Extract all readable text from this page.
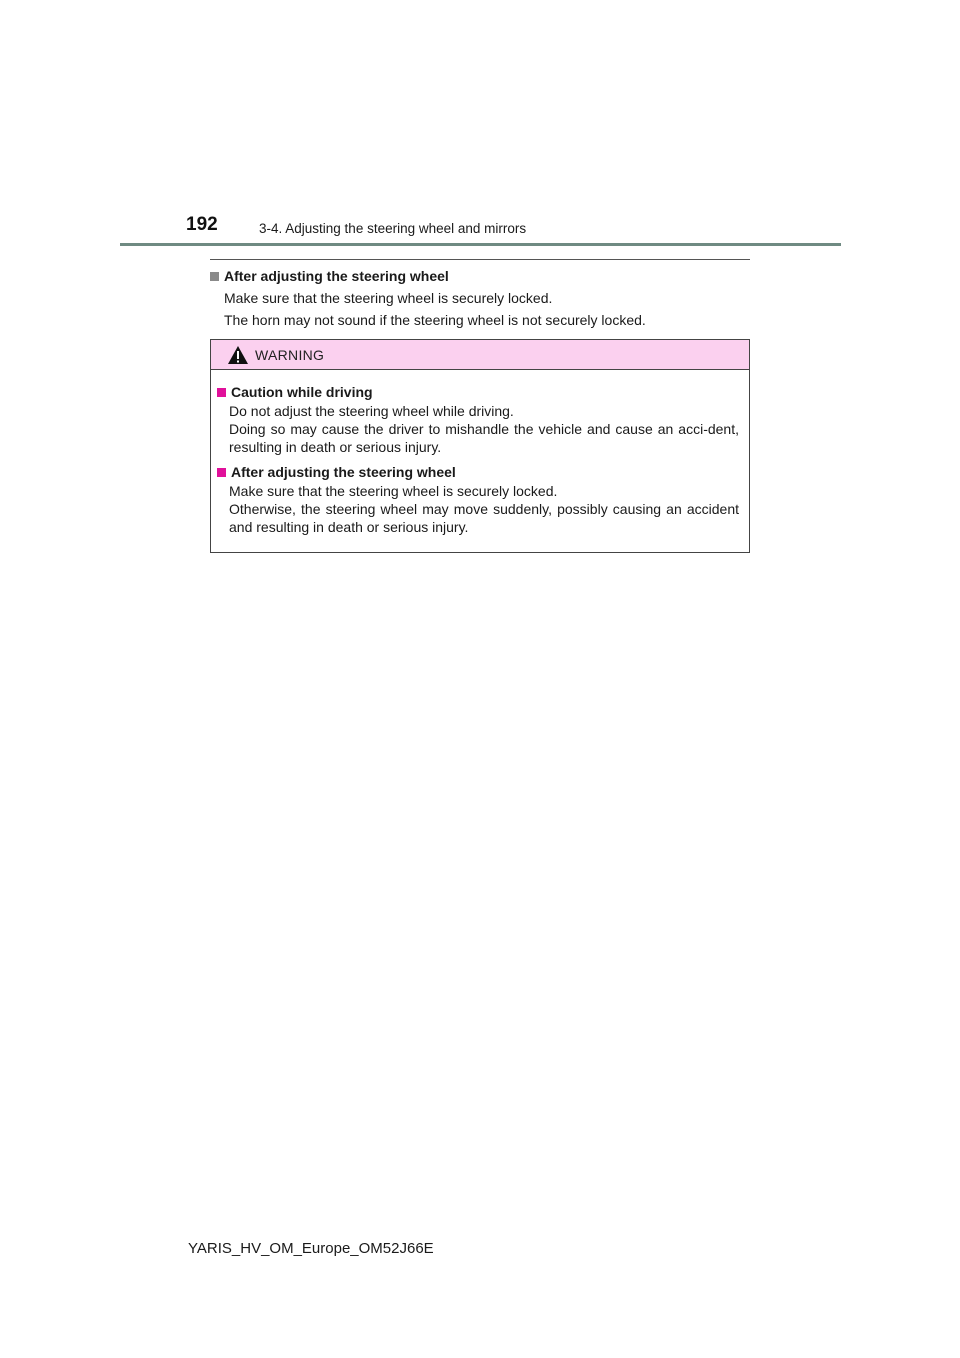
192	3-4. Adjusting the steering wheel and mirrors
After adjusting the steering wheel
Make sure that the steering wheel is securely locked.
The horn may not sound if the steering wheel is not securely locked.
WARNING
Caution while driving
Do not adjust the steering wheel while driving.
Doing so may cause the driver to mishandle the vehicle and cause an acci-dent, resulting in death or serious injury.
After adjusting the steering wheel
Make sure that the steering wheel is securely locked.
Otherwise, the steering wheel may move suddenly, possibly causing an accident and resulting in death or serious injury.
YARIS_HV_OM_Europe_OM52J66E
